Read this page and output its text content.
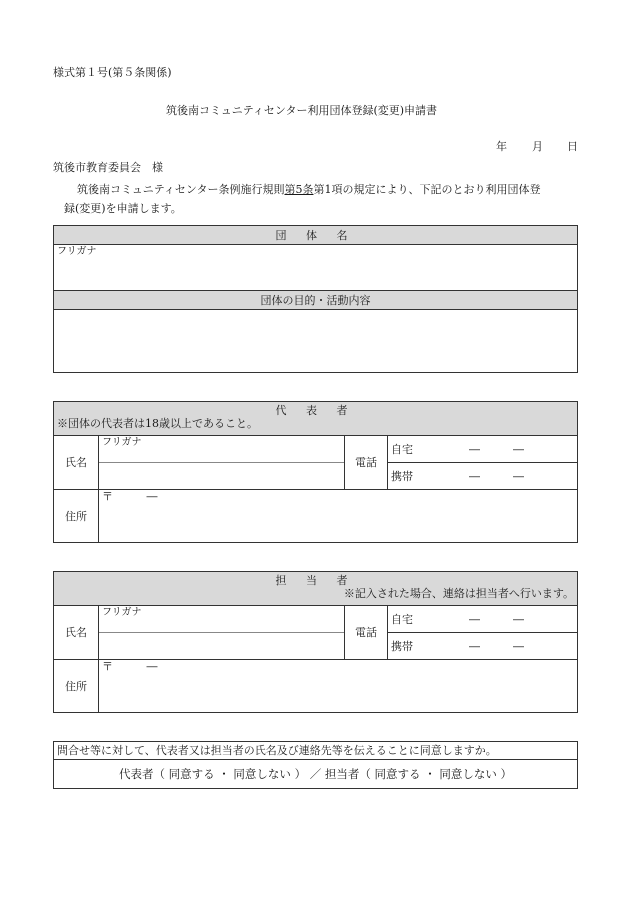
様式第１号(第５条関係)
筑後南コミュニティセンター利用団体登録(変更)申請書
年 月 日
筑後市教育委員会　様
筑後南コミュニティセンター条例施行規則第5条第1項の規定により、下記のとおり利用団体登
録(変更)を申請します。
団 体 名

フリガナ

団体の目的・活動内容

代 表 者
※団体の代表者は18歳以上であること。			

氏名	フリガナ	電話	自宅 ― ―
			携帯 ― ―
住所	〒 ―		
担 当 者
※記入された場合、連絡は担当者へ行います。			

氏名	フリガナ	電話	自宅 ― ―
			携帯 ― ―
住所	〒 ―		
問合せ等に対して、代表者又は担当者の氏名及び連絡先等を伝えることに同意しますか。
代表者（ 同意する ・ 同意しない ） ／ 担当者（ 同意する ・ 同意しない ）
